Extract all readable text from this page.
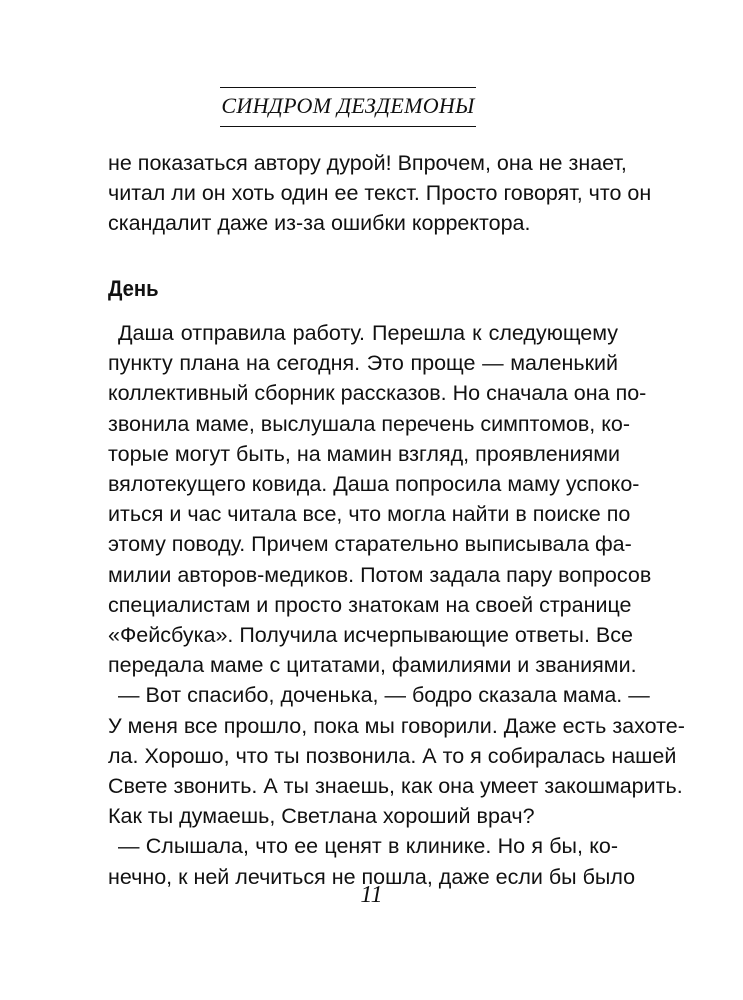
СИНДРОМ ДЕЗДЕМОНЫ
не показаться автору дурой! Впрочем, она не знает,
читал ли он хоть один ее текст. Просто говорят, что он
скандалит даже из-за ошибки корректора.
День
Даша отправила работу. Перешла к следующему
пункту плана на сегодня. Это проще — маленький
коллективный сборник рассказов. Но сначала она по-
звонила маме, выслушала перечень симптомов, ко-
торые могут быть, на мамин взгляд, проявлениями
вялотекущего ковида. Даша попросила маму успоко-
иться и час читала все, что могла найти в поиске по
этому поводу. Причем старательно выписывала фа-
милии авторов-медиков. Потом задала пару вопросов
специалистам и просто знатокам на своей странице
«Фейсбука». Получила исчерпывающие ответы. Все
передала маме с цитатами, фамилиями и званиями.
— Вот спасибо, доченька, — бодро сказала мама. —
У меня все прошло, пока мы говорили. Даже есть захоте-
ла. Хорошо, что ты позвонила. А то я собиралась нашей
Свете звонить. А ты знаешь, как она умеет закошмарить.
Как ты думаешь, Светлана хороший врач?
— Слышала, что ее ценят в клинике. Но я бы, ко-
нечно, к ней лечиться не пошла, даже если бы было
11
